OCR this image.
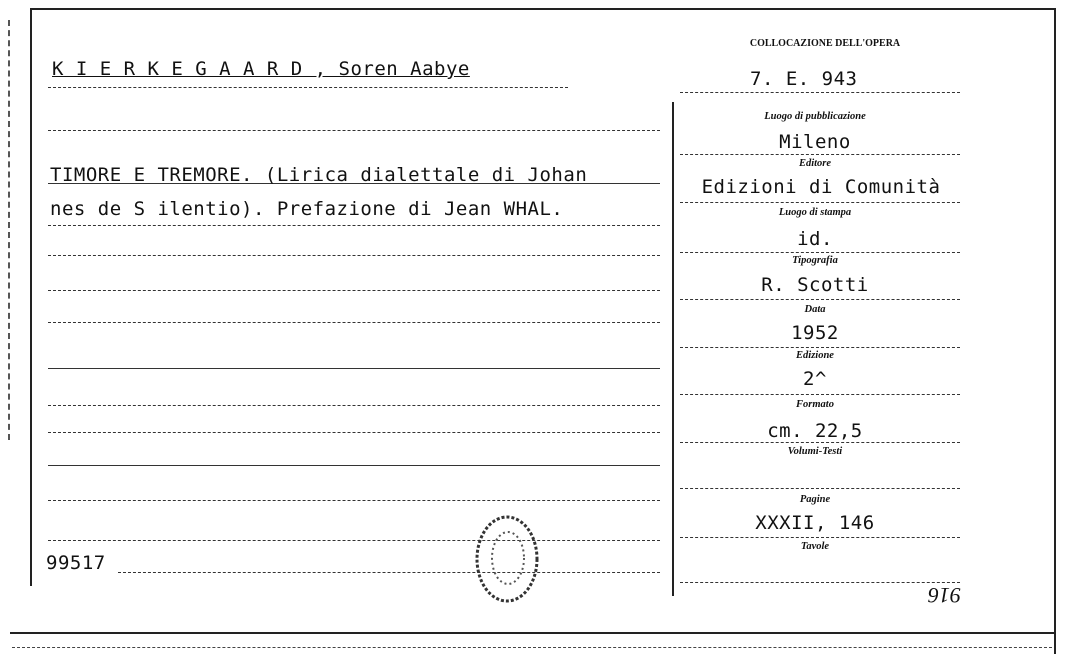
K I E R K E G A A R D , Soren Aabye
COLLOCAZIONE DELL'OPERA
7. E. 943
TIMORE E TREMORE. (Lirica dialettale di Johan
nes de S ilentio). Prefazione di Jean WHAL.
99517
916
Luogo di pubblicazione
Mileno
Editore
Edizioni di Comunità
Luogo di stampa
id.
Tipografia
R. Scotti
Data
1952
Edizione
2^
Formato
cm. 22,5
Volumi-Testi
Pagine
XXXII, 146
Tavole
